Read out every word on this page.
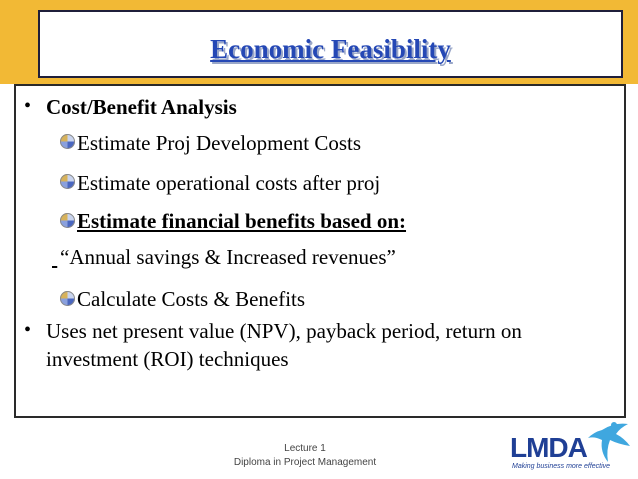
Economic Feasibility
• Cost/Benefit Analysis
Estimate Proj Development Costs
Estimate operational costs after proj
Estimate financial benefits based on:

“Annual savings & Increased revenues”
Calculate Costs & Benefits
• Uses net present value (NPV), payback period, return on
investment (ROI) techniques
Lecture 1
Diploma in Project Management	LMDA
Making business more effective
